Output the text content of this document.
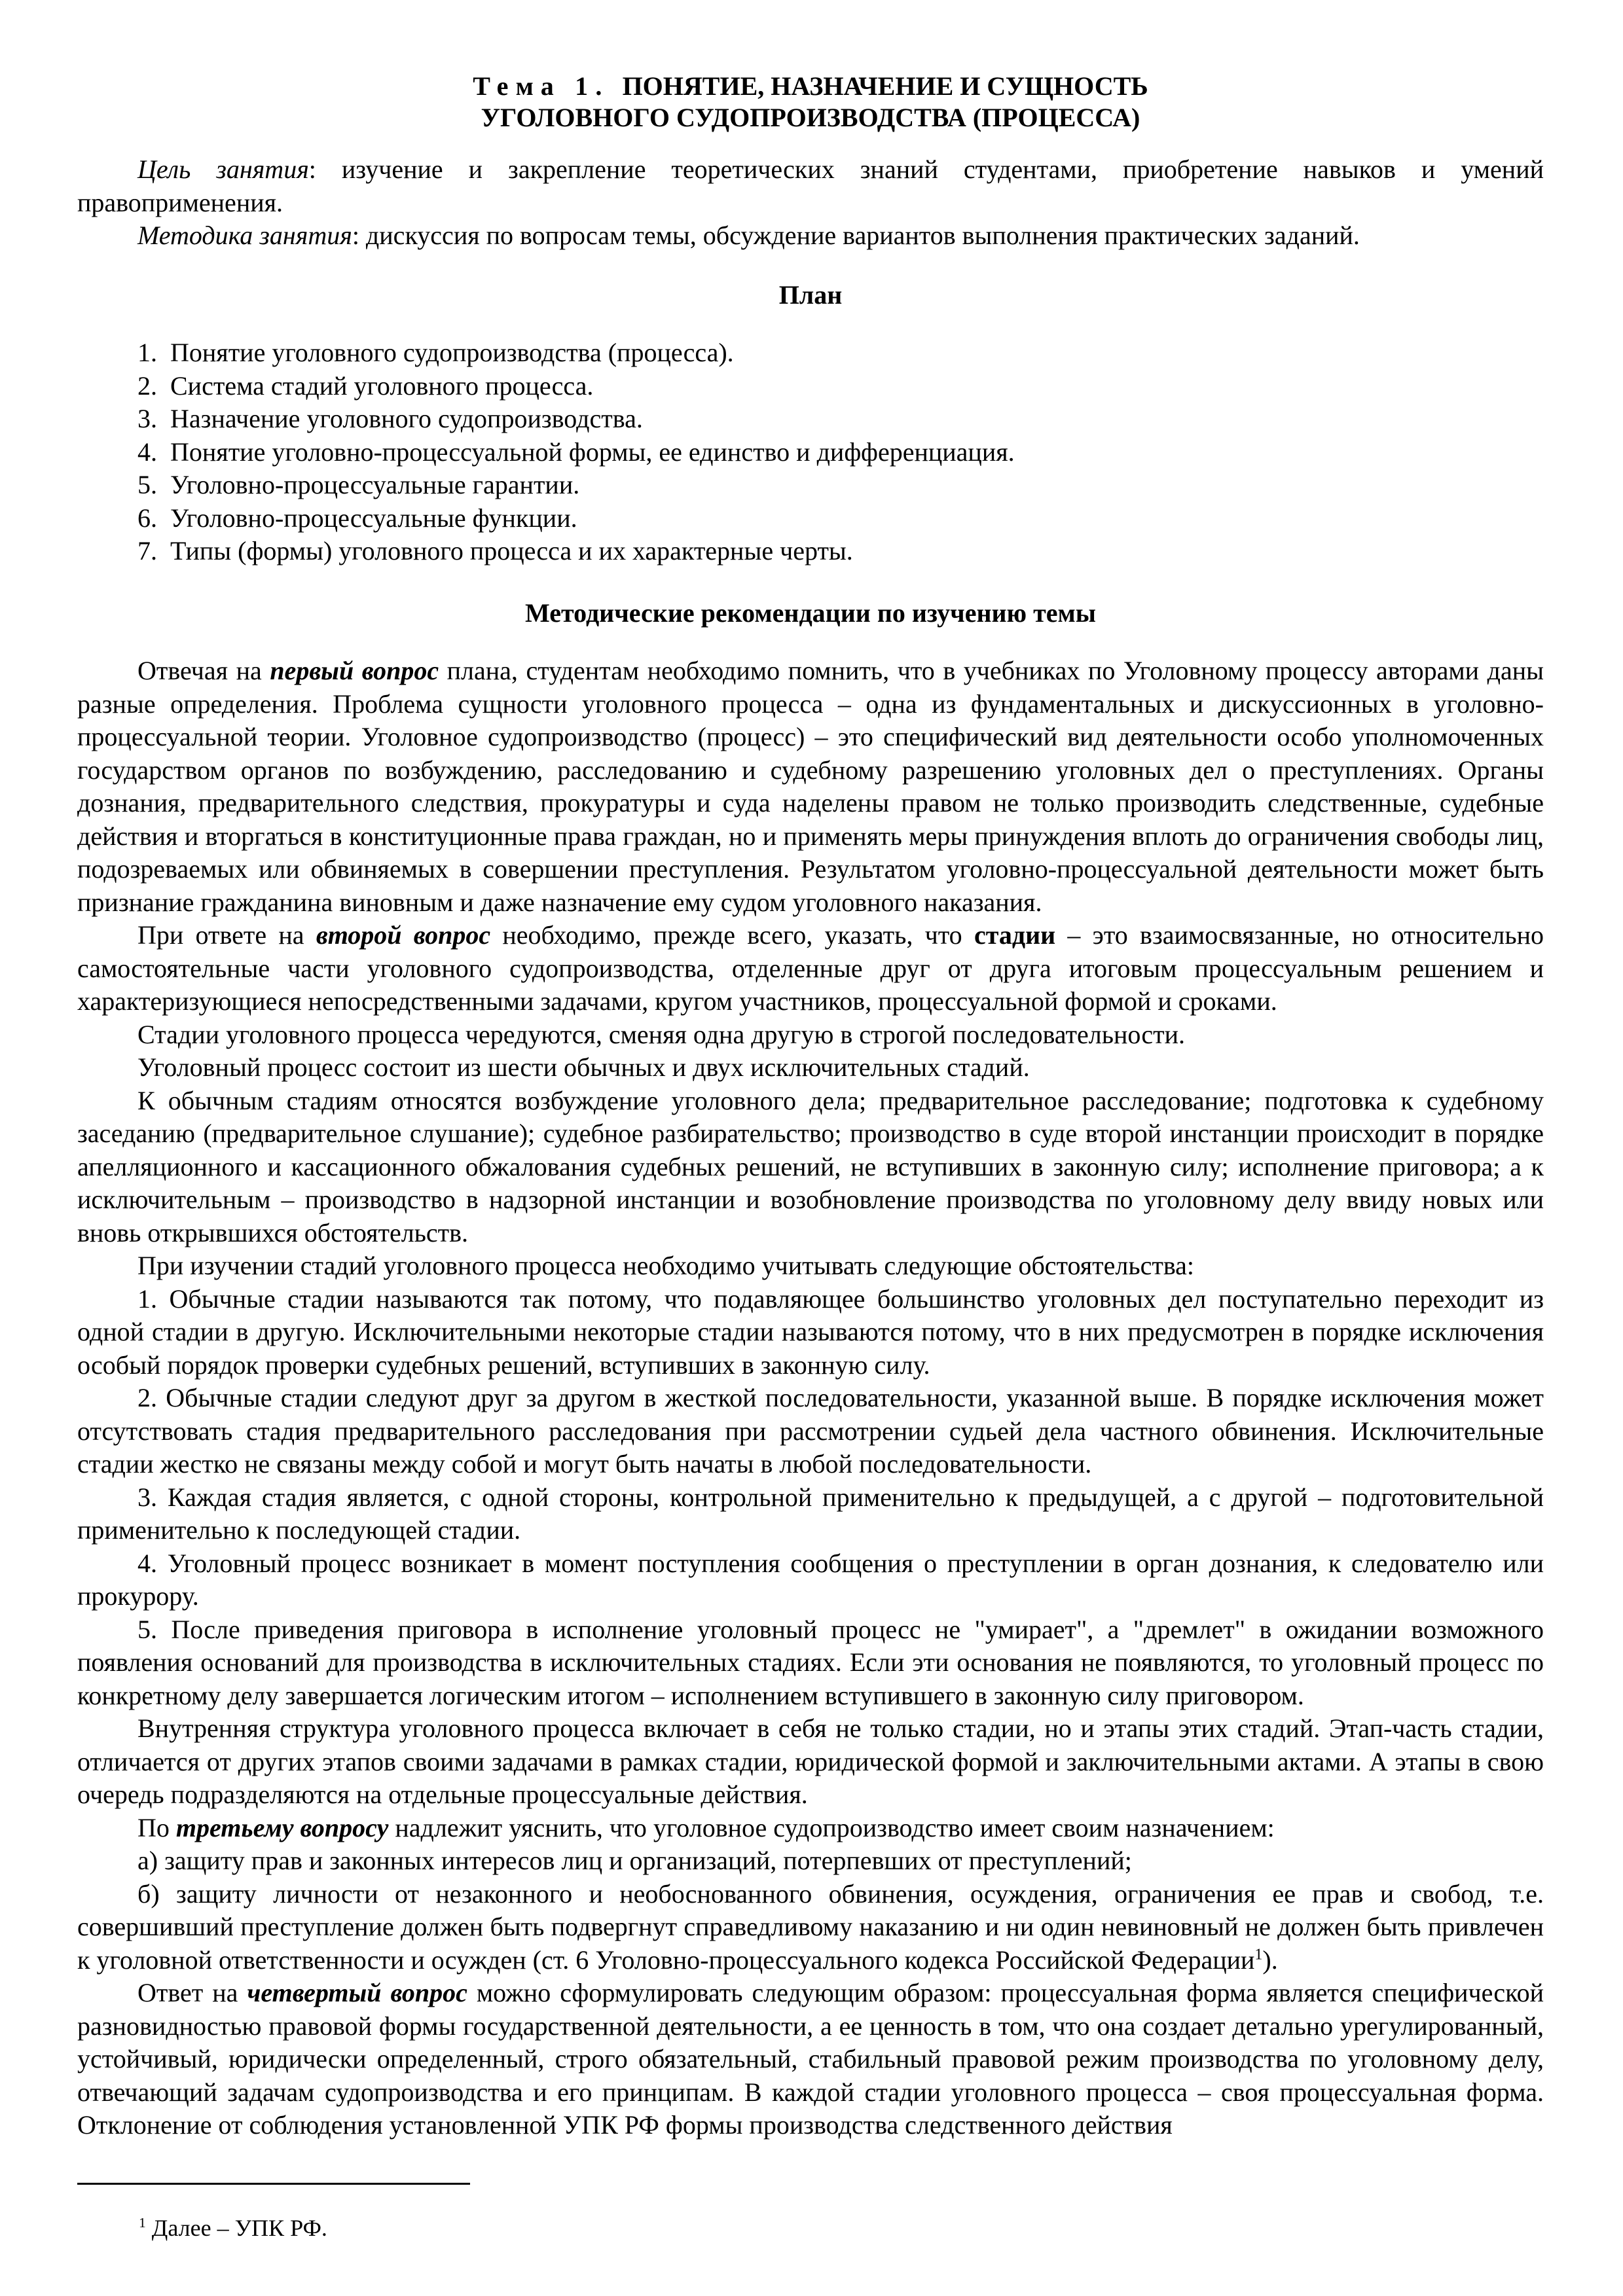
Тема 1. ПОНЯТИЕ, НАЗНАЧЕНИЕ И СУЩНОСТЬ
УГОЛОВНОГО СУДОПРОИЗВОДСТВА (ПРОЦЕССА)

Цель занятия: изучение и закрепление теоретических знаний студентами, приобретение навыков и умений правоприменения.

Методика занятия: дискуссия по вопросам темы, обсуждение вариантов выполнения практических заданий.

План
1. Понятие уголовного судопроизводства (процесса).
2. Система стадий уголовного процесса.
3. Назначение уголовного судопроизводства.
4. Понятие уголовно-процессуальной формы, ее единство и дифференциация.
5. Уголовно-процессуальные гарантии.
6. Уголовно-процессуальные функции.
7. Типы (формы) уголовного процесса и их характерные черты.
Методические рекомендации по изучению темы

Отвечая на первый вопрос плана, студентам необходимо помнить, что в учебниках по Уголовному процессу авторами даны разные определения. Проблема сущности уголовного процесса – одна из фундаментальных и дискуссионных в уголовно-процессуальной теории. Уголовное судопроизводство (процесс) – это специфический вид деятельности особо уполномоченных государством органов по возбуждению, расследованию и судебному разрешению уголовных дел о преступлениях. Органы дознания, предварительного следствия, прокуратуры и суда наделены правом не только производить следственные, судебные действия и вторгаться в конституционные права граждан, но и применять меры принуждения вплоть до ограничения свободы лиц, подозреваемых или обвиняемых в совершении преступления. Результатом уголовно-процессуальной деятельности может быть признание гражданина виновным и даже назначение ему судом уголовного наказания.

При ответе на второй вопрос необходимо, прежде всего, указать, что стадии – это взаимосвязанные, но относительно самостоятельные части уголовного судопроизводства, отделенные друг от друга итоговым процессуальным решением и характеризующиеся непосредственными задачами, кругом участников, процессуальной формой и сроками.

Стадии уголовного процесса чередуются, сменяя одна другую в строгой последовательности.

Уголовный процесс состоит из шести обычных и двух исключительных стадий.

К обычным стадиям относятся возбуждение уголовного дела; предварительное расследование; подготовка к судебному заседанию (предварительное слушание); судебное разбирательство; производство в суде второй инстанции происходит в порядке апелляционного и кассационного обжалования судебных решений, не вступивших в законную силу; исполнение приговора; а к исключительным – производство в надзорной инстанции и возобновление производства по уголовному делу ввиду новых или вновь открывшихся обстоятельств.

При изучении стадий уголовного процесса необходимо учитывать следующие обстоятельства:

1. Обычные стадии называются так потому, что подавляющее большинство уголовных дел поступательно переходит из одной стадии в другую. Исключительными некоторые стадии называются потому, что в них предусмотрен в порядке исключения особый порядок проверки судебных решений, вступивших в законную силу.

2. Обычные стадии следуют друг за другом в жесткой последовательности, указанной выше. В порядке исключения может отсутствовать стадия предварительного расследования при рассмотрении судьей дела частного обвинения. Исключительные стадии жестко не связаны между собой и могут быть начаты в любой последовательности.

3. Каждая стадия является, с одной стороны, контрольной применительно к предыдущей, а с другой – подготовительной применительно к последующей стадии.

4. Уголовный процесс возникает в момент поступления сообщения о преступлении в орган дознания, к следователю или прокурору.

5. После приведения приговора в исполнение уголовный процесс не "умирает", а "дремлет" в ожидании возможного появления оснований для производства в исключительных стадиях. Если эти основания не появляются, то уголовный процесс по конкретному делу завершается логическим итогом – исполнением вступившего в законную силу приговором.

Внутренняя структура уголовного процесса включает в себя не только стадии, но и этапы этих стадий. Этап-часть стадии, отличается от других этапов своими задачами в рамках стадии, юридической формой и заключительными актами. А этапы в свою очередь подразделяются на отдельные процессуальные действия.

По третьему вопросу надлежит уяснить, что уголовное судопроизводство имеет своим назначением:

а) защиту прав и законных интересов лиц и организаций, потерпевших от преступлений;

б) защиту личности от незаконного и необоснованного обвинения, осуждения, ограничения ее прав и свобод, т.е. совершивший преступление должен быть подвергнут справедливому наказанию и ни один невиновный не должен быть привлечен к уголовной ответственности и осужден (ст. 6 Уголовно-процессуального кодекса Российской Федерации$^1$).

Ответ на четвертый вопрос можно сформулировать следующим образом: процессуальная форма является специфической разновидностью правовой формы государственной деятельности, а ее ценность в том, что она создает детально урегулированный, устойчивый, юридически определенный, строго обязательный, стабильный правовой режим производства по уголовному делу, отвечающий задачам судопроизводства и его принципам. В каждой стадии уголовного процесса – своя процессуальная форма. Отклонение от соблюдения установленной УПК РФ формы производства следственного действия

$^1$ Далее – УПК РФ.
